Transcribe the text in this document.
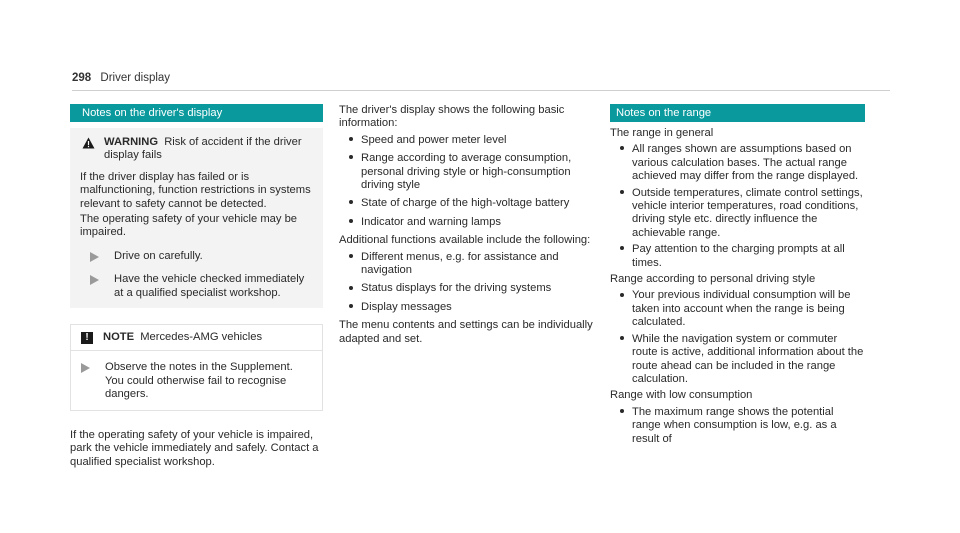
298 Driver display
Notes on the driver's display
WARNING Risk of accident if the driver display fails

If the driver display has failed or is malfunctioning, function restrictions in systems relevant to safety cannot be detected.

The operating safety of your vehicle may be impaired.

Drive on carefully.
Have the vehicle checked immediately at a qualified specialist workshop.
!	NOTE Mercedes-AMG vehicles
Observe the notes in the Supplement. You could otherwise fail to recognise dangers.

If the operating safety of your vehicle is impaired, park the vehicle immediately and safely. Contact a qualified specialist workshop.

The driver's display shows the following basic information:

Speed and power meter level
Range according to average consumption, personal driving style or high-consumption driving style
State of charge of the high-voltage battery
Indicator and warning lamps

Additional functions available include the following:

Different menus, e.g. for assistance and navigation
Status displays for the driving systems
Display messages

The menu contents and settings can be individually adapted and set.

Notes on the range

The range in general

All ranges shown are assumptions based on various calculation bases. The actual range achieved may differ from the range displayed.
Outside temperatures, climate control settings, vehicle interior temperatures, road conditions, driving style etc. directly influence the achievable range.
Pay attention to the charging prompts at all times.

Range according to personal driving style

Your previous individual consumption will be taken into account when the range is being calculated.
While the navigation system or commuter route is active, additional information about the route ahead can be included in the range calculation.

Range with low consumption

The maximum range shows the potential range when consumption is low, e.g. as a result of
